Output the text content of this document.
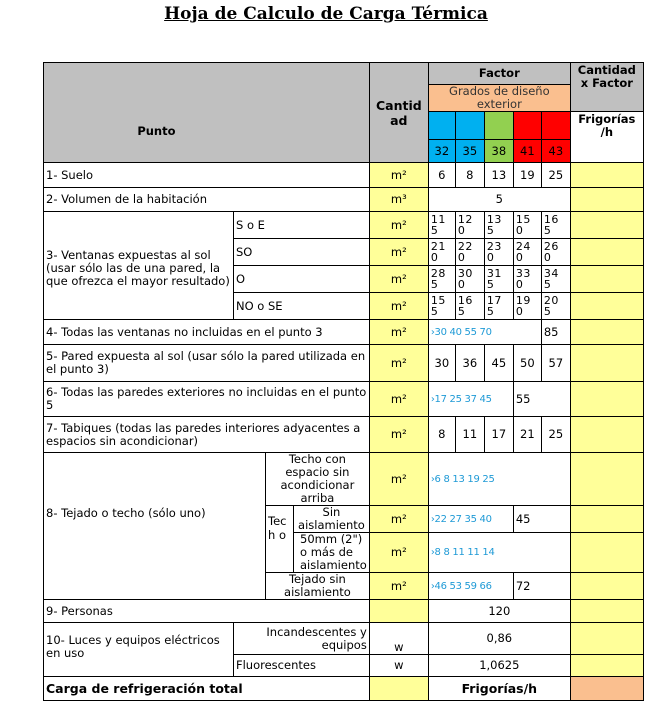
Hoja de Calculo de Carga Térmica
Punto				Cantid ad	Factor					Cantidad x Factor
					Grados de diseño exterior					
										Frigorías /h
					32	35	38	41	43	
1- Suelo				m²	6	8	13	19	25	
2- Volumen de la habitación				m³	5					
3- Ventanas expuestas al sol (usar sólo las de una pared, la que ofrezca el mayor resultado)	S o E			m²	11 5	12 0	13 5	15 0	16 5	
	SO			m²	21 0	22 0	23 0	24 0	26 0	
	O			m²	28 5	30 0	31 5	33 0	34 5	
	NO o SE			m²	15 5	16 5	17 5	19 0	20 5	
4- Todas las ventanas no incluidas en el punto 3				m²	›30 40 55 70				85	
5- Pared expuesta al sol (usar sólo la pared utilizada en el punto 3)				m²	30	36	45	50	57	
6- Todas las paredes exteriores no incluidas en el punto 5				m²	›17 25 37 45			55		
7- Tabiques (todas las paredes interiores adyacentes a espacios sin acondicionar)				m²	8	11	17	21	25	
8- Tejado o techo (sólo uno)		Techo con espacio sin acondicionar arriba		m²	›6 8 13 19 25					
		Tec h o	Sin aislamiento	m²	›22 27 35 40			45		
			50mm (2") o más de aislamiento	m²	›8 8 11 11 14					
		Tejado sin aislamiento		m²	›46 53 59 66			72		
9- Personas					120					
10- Luces y equipos eléctricos en uso	Incandescentes y equipos			w	0,86					
	Fluorescentes			w	1,0625					
Carga de refrigeración total					Frigorías/h					
